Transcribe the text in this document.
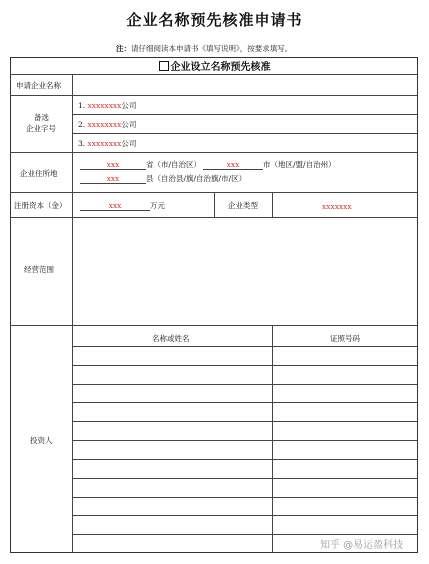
企业名称预先核准申请书
注：请仔细阅读本申请书《填写说明》，按要求填写。
企业设立名称预先核准
申请企业名称
备选
企业字号
1. xxxxxxxx公司
2. xxxxxxxx公司
3. xxxxxxxx公司
企业住所地
xxx	省（市/自治区）	xxx	市（地区/盟/自治州）
xxx	县（自治县/旗/自治旗/市/区）
注册资本（金）	xxx	万元	企业类型	xxxxxxx
经营范围
投资人
名称或姓名	证照号码
知乎 @易运盈科技
